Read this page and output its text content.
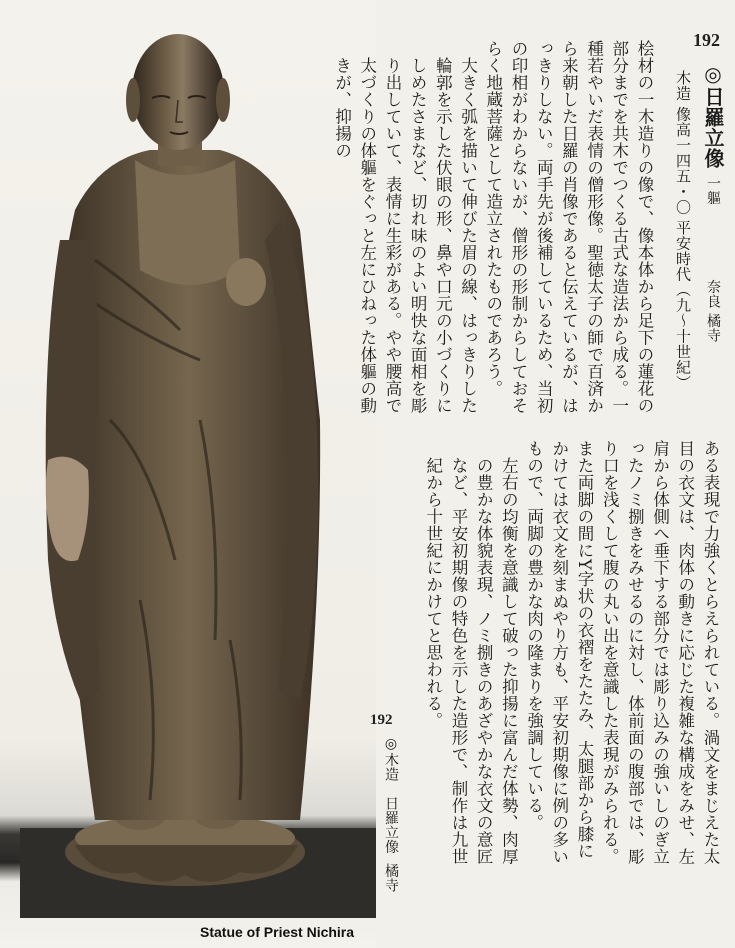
Statue of Priest Nichira
192
◎日羅立像 一軀  奈良 橘寺
木造 像高一四五・〇 平安時代（九～十世紀）

桧材の一木造りの像で、像本体から足下の蓮花の部分までを共木でつくる古式な造法から成る。一種若やいだ表情の僧形像。聖徳太子の師で百済から来朝した日羅の肖像であると伝えているが、はっきりしない。両手先が後補しているため、当初の印相がわからないが、僧形の形制からしておそらく地蔵菩薩として造立されたものであろう。

大きく弧を描いて伸びた眉の線、はっきりした輪郭を示した伏眼の形、鼻や口元の小づくりにしめたさまなど、切れ味のよい明快な面相を彫り出していて、表情に生彩がある。やや腰高で太づくりの体軀をぐっと左にひねった体軀の動きが、抑揚の

ある表現で力強くとらえられている。渦文をまじえた太目の衣文は、肉体の動きに応じた複雑な構成をみせ、左肩から体側へ垂下する部分では彫り込みの強いしのぎ立ったノミ捌きをみせるのに対し、体前面の腹部では、彫り口を浅くして腹の丸い出を意識した表現がみられる。また両脚の間にY字状の衣褶をたたみ、太腿部から膝にかけては衣文を刻まぬやり方も、平安初期像に例の多いもので、両脚の豊かな肉の隆まりを強調している。

左右の均衡を意識して破った抑揚に富んだ体勢、肉厚の豊かな体貌表現、ノミ捌きのあざやかな衣文の意匠など、平安初期像の特色を示した造形で、制作は九世紀から十世紀にかけてと思われる。

192
◎木造　日羅立像  橘寺
